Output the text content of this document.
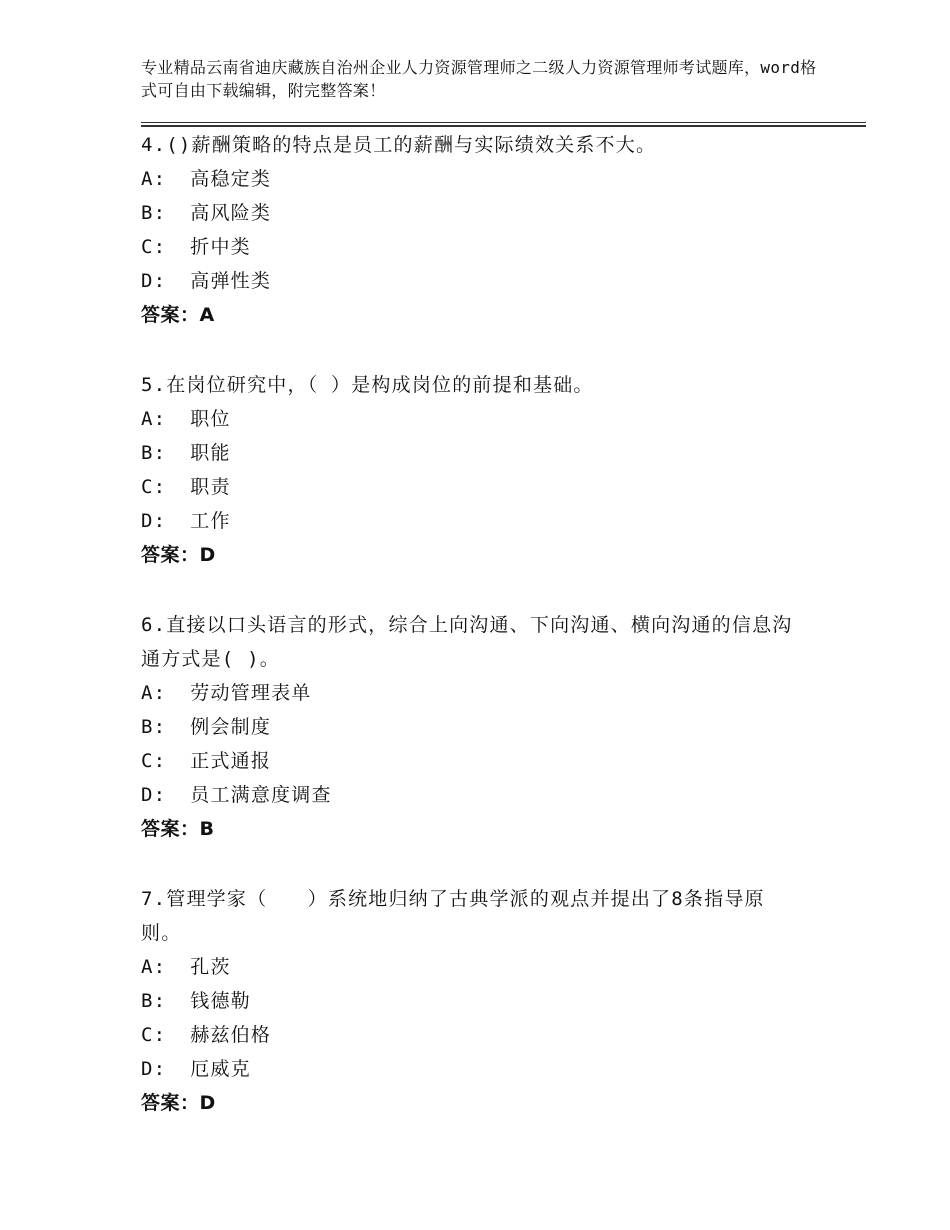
专业精品云南省迪庆藏族自治州企业人力资源管理师之二级人力资源管理师考试题库，word格式可自由下载编辑，附完整答案！
4.()薪酬策略的特点是员工的薪酬与实际绩效关系不大。
A: 高稳定类
B: 高风险类
C: 折中类
D: 高弹性类
答案：A
5.在岗位研究中，（ ）是构成岗位的前提和基础。
A: 职位
B: 职能
C: 职责
D: 工作
答案：D
6.直接以口头语言的形式，综合上向沟通、下向沟通、横向沟通的信息沟通方式是( )。
A: 劳动管理表单
B: 例会制度
C: 正式通报
D: 员工满意度调查
答案：B
7.管理学家（　　）系统地归纳了古典学派的观点并提出了8条指导原则。
A: 孔茨
B: 钱德勒
C: 赫兹伯格
D: 厄威克
答案：D
